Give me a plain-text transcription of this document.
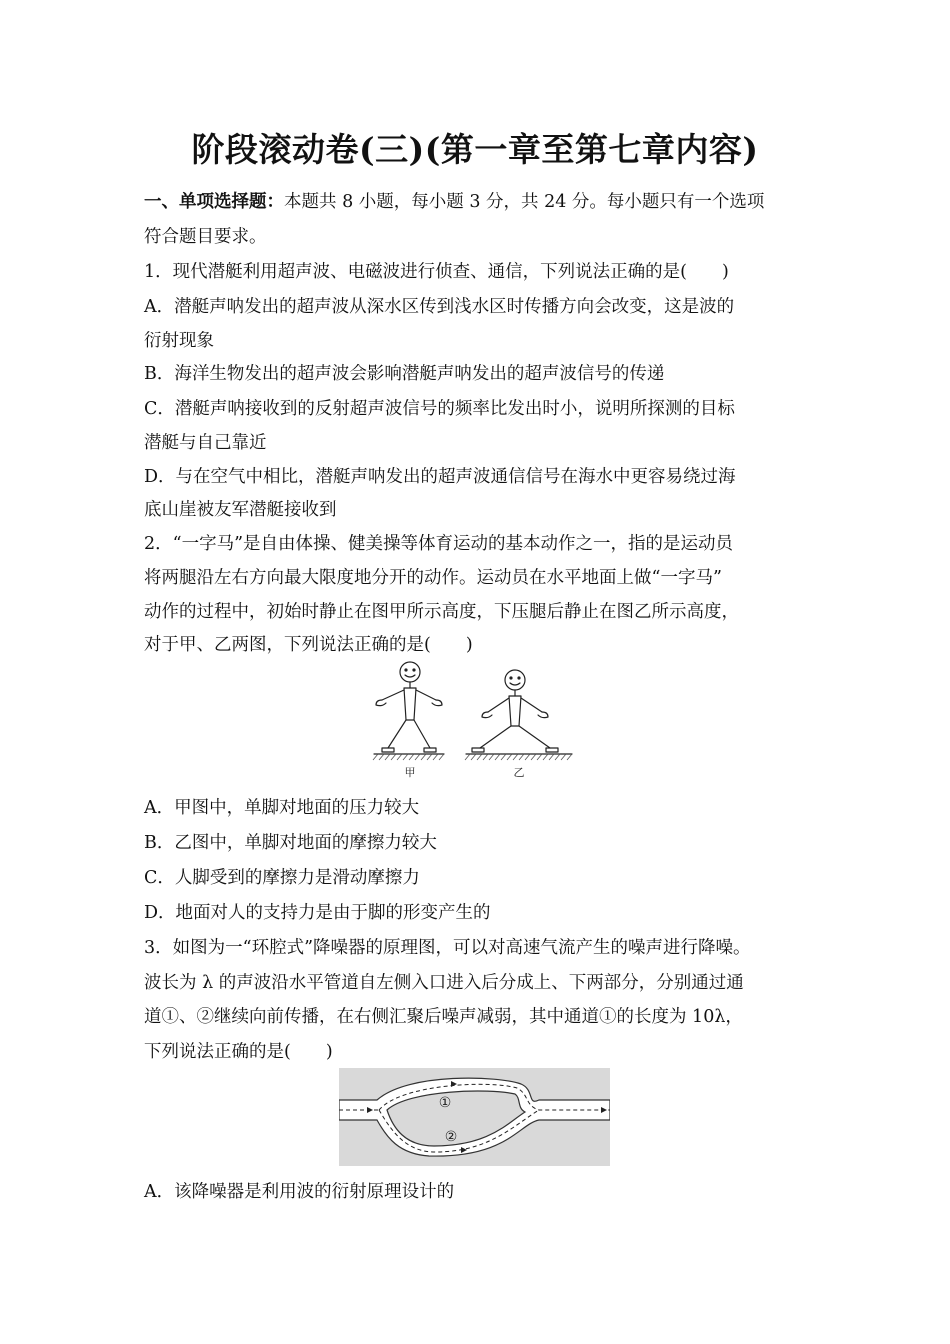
阶段滚动卷(三)(第一章至第七章内容)
一、单项选择题：本题共 8 小题，每小题 3 分，共 24 分。每小题只有一个选项
符合题目要求。
1．现代潜艇利用超声波、电磁波进行侦查、通信，下列说法正确的是(　　)
A．潜艇声呐发出的超声波从深水区传到浅水区时传播方向会改变，这是波的
衍射现象
B．海洋生物发出的超声波会影响潜艇声呐发出的超声波信号的传递
C．潜艇声呐接收到的反射超声波信号的频率比发出时小，说明所探测的目标
潜艇与自己靠近
D．与在空气中相比，潜艇声呐发出的超声波通信信号在海水中更容易绕过海
底山崖被友军潜艇接收到
2．“一字马”是自由体操、健美操等体育运动的基本动作之一，指的是运动员
将两腿沿左右方向最大限度地分开的动作。运动员在水平地面上做“一字马”
动作的过程中，初始时静止在图甲所示高度，下压腿后静止在图乙所示高度，
对于甲、乙两图，下列说法正确的是(　　)
甲	乙
A．甲图中，单脚对地面的压力较大
B．乙图中，单脚对地面的摩擦力较大
C．人脚受到的摩擦力是滑动摩擦力
D．地面对人的支持力是由于脚的形变产生的
3．如图为一“环腔式”降噪器的原理图，可以对高速气流产生的噪声进行降噪。
波长为 λ 的声波沿水平管道自左侧入口进入后分成上、下两部分，分别通过通
道①、②继续向前传播，在右侧汇聚后噪声减弱，其中通道①的长度为 10λ，
下列说法正确的是(　　)
①
②
A．该降噪器是利用波的衍射原理设计的
